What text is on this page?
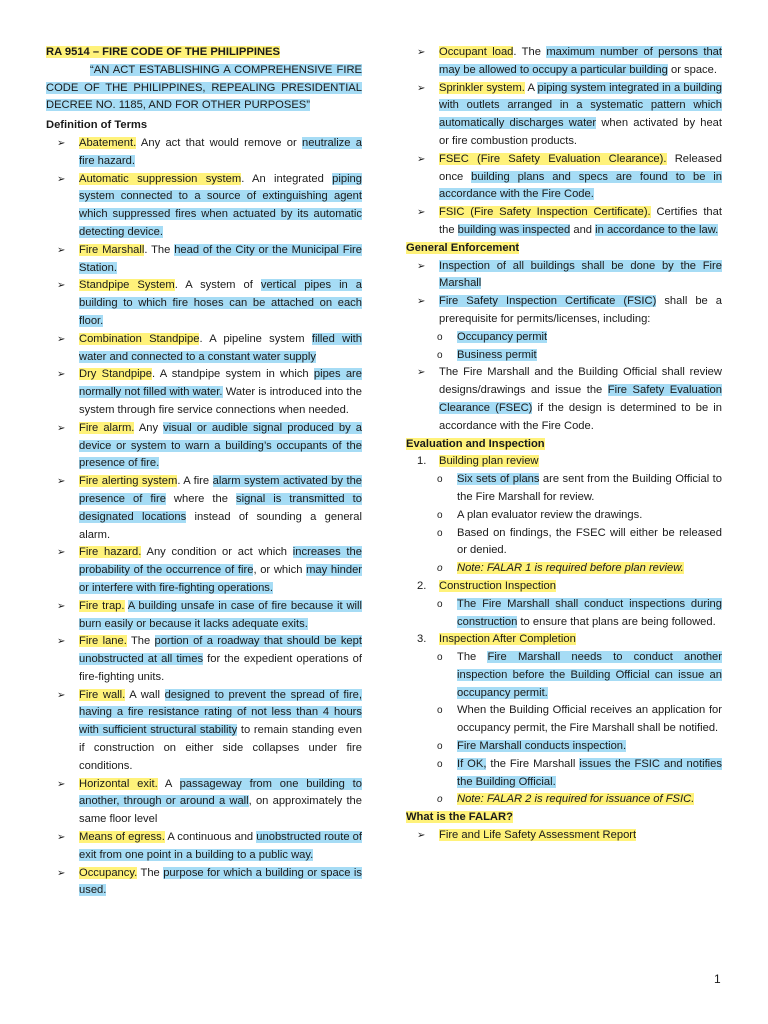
RA 9514 – FIRE CODE OF THE PHILIPPINES

“AN ACT ESTABLISHING A COMPREHENSIVE FIRE CODE OF THE PHILIPPINES, REPEALING PRESIDENTIAL DECREE NO. 1185, AND FOR OTHER PURPOSES”

Definition of Terms

➢ Abatement. Any act that would remove or neutralize a fire hazard.

➢ Automatic suppression system. An integrated piping system connected to a source of extinguishing agent which suppressed fires when actuated by its automatic detecting device.

➢ Fire Marshall. The head of the City or the Municipal Fire Station.

➢ Standpipe System. A system of vertical pipes in a building to which fire hoses can be attached on each floor.

➢ Combination Standpipe. A pipeline system filled with water and connected to a constant water supply

➢ Dry Standpipe. A standpipe system in which pipes are normally not filled with water. Water is introduced into the system through fire service connections when needed.

➢ Fire alarm. Any visual or audible signal produced by a device or system to warn a building’s occupants of the presence of fire.

➢ Fire alerting system. A fire alarm system activated by the presence of fire where the signal is transmitted to designated locations instead of sounding a general alarm.

➢ Fire hazard. Any condition or act which increases the probability of the occurrence of fire, or which may hinder or interfere with fire-fighting operations.

➢ Fire trap. A building unsafe in case of fire because it will burn easily or because it lacks adequate exits.

➢ Fire lane. The portion of a roadway that should be kept unobstructed at all times for the expedient operations of fire-fighting units.

➢ Fire wall. A wall designed to prevent the spread of fire, having a fire resistance rating of not less than 4 hours with sufficient structural stability to remain standing even if construction on either side collapses under fire conditions.

➢ Horizontal exit. A passageway from one building to another, through or around a wall, on approximately the same floor level

➢ Means of egress. A continuous and unobstructed route of exit from one point in a building to a public way.

➢ Occupancy. The purpose for which a building or space is used.

➢ Occupant load. The maximum number of persons that may be allowed to occupy a particular building or space.

➢ Sprinkler system. A piping system integrated in a building with outlets arranged in a systematic pattern which automatically discharges water when activated by heat or fire combustion products.

➢ FSEC (Fire Safety Evaluation Clearance). Released once building plans and specs are found to be in accordance with the Fire Code.

➢ FSIC (Fire Safety Inspection Certificate). Certifies that the building was inspected and in accordance to the law.

General Enforcement

➢ Inspection of all buildings shall be done by the Fire Marshall

➢ Fire Safety Inspection Certificate (FSIC) shall be a prerequisite for permits/licenses, including:

o Occupancy permit

o Business permit

➢ The Fire Marshall and the Building Official shall review designs/drawings and issue the Fire Safety Evaluation Clearance (FSEC) if the design is determined to be in accordance with the Fire Code.

Evaluation and Inspection

1. Building plan review

o Six sets of plans are sent from the Building Official to the Fire Marshall for review.

o A plan evaluator review the drawings.

o Based on findings, the FSEC will either be released or denied.

o Note: FALAR 1 is required before plan review.

2. Construction Inspection

o The Fire Marshall shall conduct inspections during construction to ensure that plans are being followed.

3. Inspection After Completion

o The Fire Marshall needs to conduct another inspection before the Building Official can issue an occupancy permit.

o When the Building Official receives an application for occupancy permit, the Fire Marshall shall be notified.

o Fire Marshall conducts inspection.

o If OK, the Fire Marshall issues the FSIC and notifies the Building Official.

o Note: FALAR 2 is required for issuance of FSIC.

What is the FALAR?

➢ Fire and Life Safety Assessment Report

1
